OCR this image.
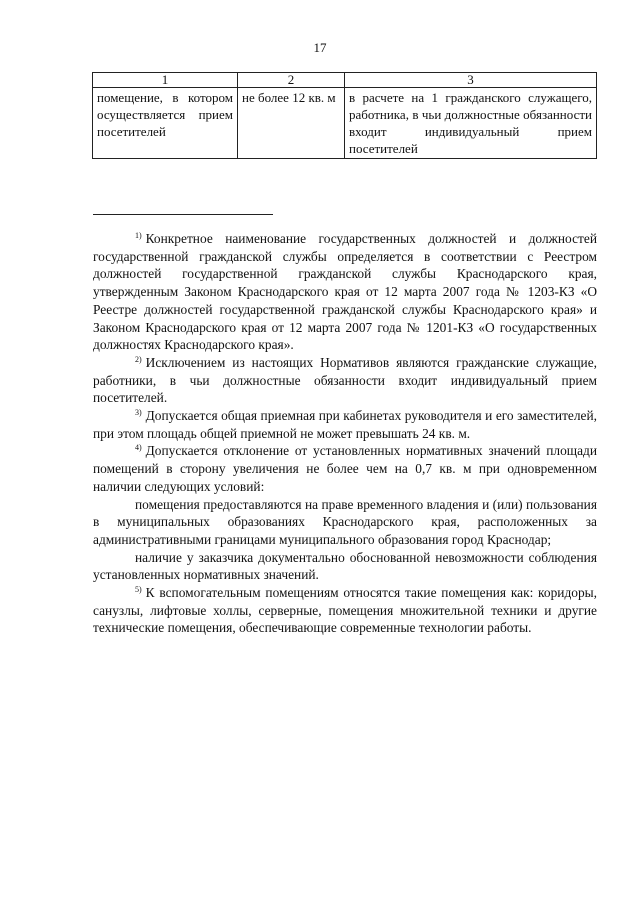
17
1	2	3
помещение, в котором осуществляется прием посетителей	не более 12 кв. м	в расчете на 1 гражданского служащего, работника, в чьи должностные обязанности входит индивидуальный прием посетителей

$^{1)}$ Конкретное наименование государственных должностей и должностей государственной гражданской службы определяется в соответствии с Реестром должностей государственной гражданской службы Краснодарского края, утвержденным Законом Краснодарского края от 12 марта 2007 года № 1203-КЗ «О Реестре должностей государственной гражданской службы Краснодарского края» и Законом Краснодарского края от 12 марта 2007 года № 1201-КЗ «О государственных должностях Краснодарского края».

$^{2)}$ Исключением из настоящих Нормативов являются гражданские служащие, работники, в чьи должностные обязанности входит индивидуальный прием посетителей.

$^{3)}$ Допускается общая приемная при кабинетах руководителя и его заместителей, при этом площадь общей приемной не может превышать 24 кв. м.

$^{4)}$ Допускается отклонение от установленных нормативных значений площади помещений в сторону увеличения не более чем на 0,7 кв. м при одновременном наличии следующих условий:

помещения предоставляются на праве временного владения и (или) пользования в муниципальных образованиях Краснодарского края, расположенных за административными границами муниципального образования город Краснодар;

наличие у заказчика документально обоснованной невозможности соблюдения установленных нормативных значений.

$^{5)}$ К вспомогательным помещениям относятся такие помещения как: коридоры, санузлы, лифтовые холлы, серверные, помещения множительной техники и другие технические помещения, обеспечивающие современные технологии работы.
